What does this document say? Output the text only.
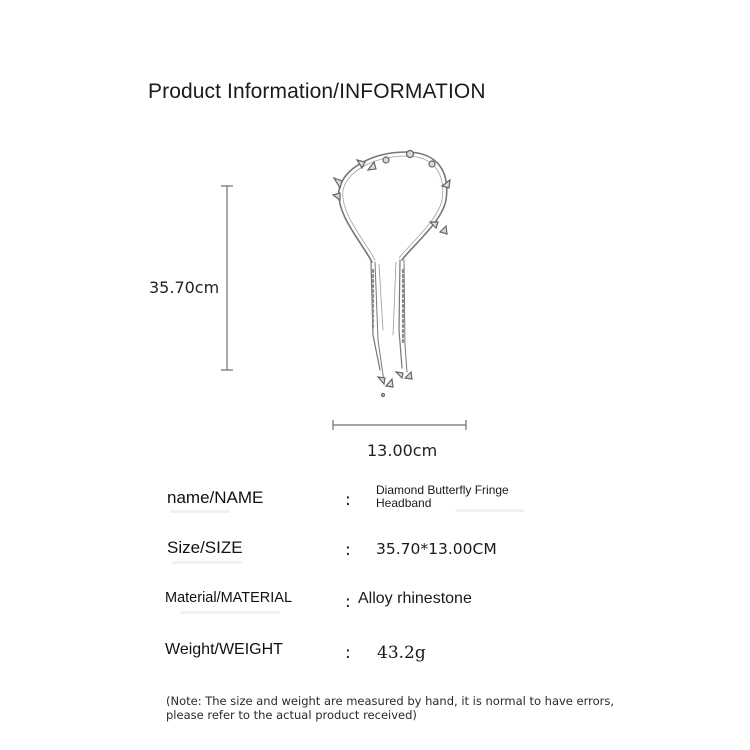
Product Information/INFORMATION
35.70cm
13.00cm
name/NAME	: Diamond Butterfly Fringe Headband
Size/SIZE	: 35.70*13.00CM
Material/MATERIAL	: Alloy rhinestone
Weight/WEIGHT	: 43.2g
(Note: The size and weight are measured by hand, it is normal to have errors, please refer to the actual product received)
